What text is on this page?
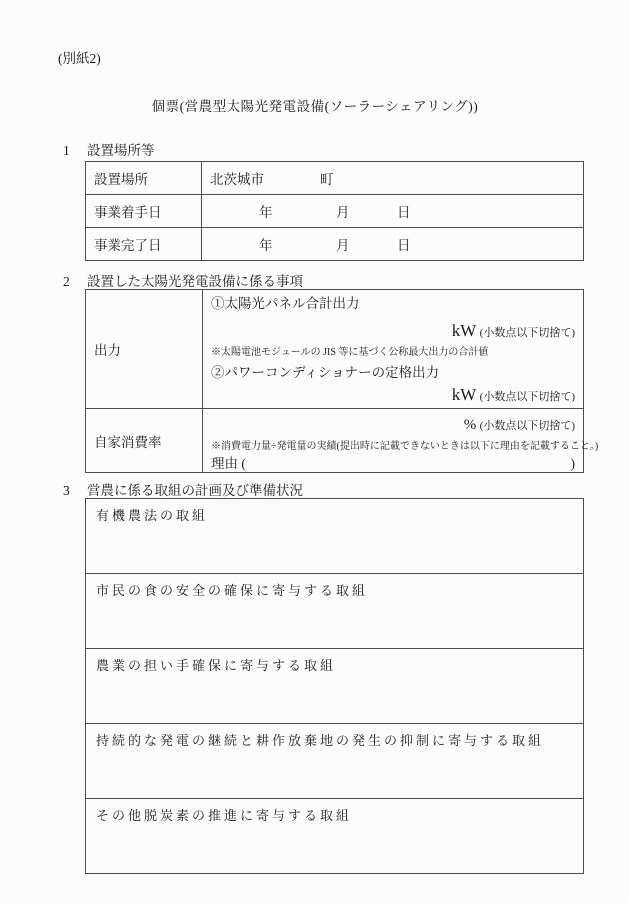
(別紙2)
個票(営農型太陽光発電設備(ソーラーシェアリング))
1 設置場所等
設置場所	北茨城市 町

事業着手日	年 月 日

事業完了日	年 月 日
2 設置した太陽光発電設備に係る事項
出力	①太陽光パネル合計出力
kW (小数点以下切捨て)
※太陽電池モジュールの JIS 等に基づく公称最大出力の合計値
②パワーコンディショナーの定格出力
kW (小数点以下切捨て)

自家消費率	% (小数点以下切捨て)
※消費電力量÷発電量の実績(提出時に記載できないときは以下に理由を記載すること。)
理由 ( )
3 営農に係る取組の計画及び準備状況
有機農法の取組
市民の食の安全の確保に寄与する取組
農業の担い手確保に寄与する取組
持続的な発電の継続と耕作放棄地の発生の抑制に寄与する取組
その他脱炭素の推進に寄与する取組
